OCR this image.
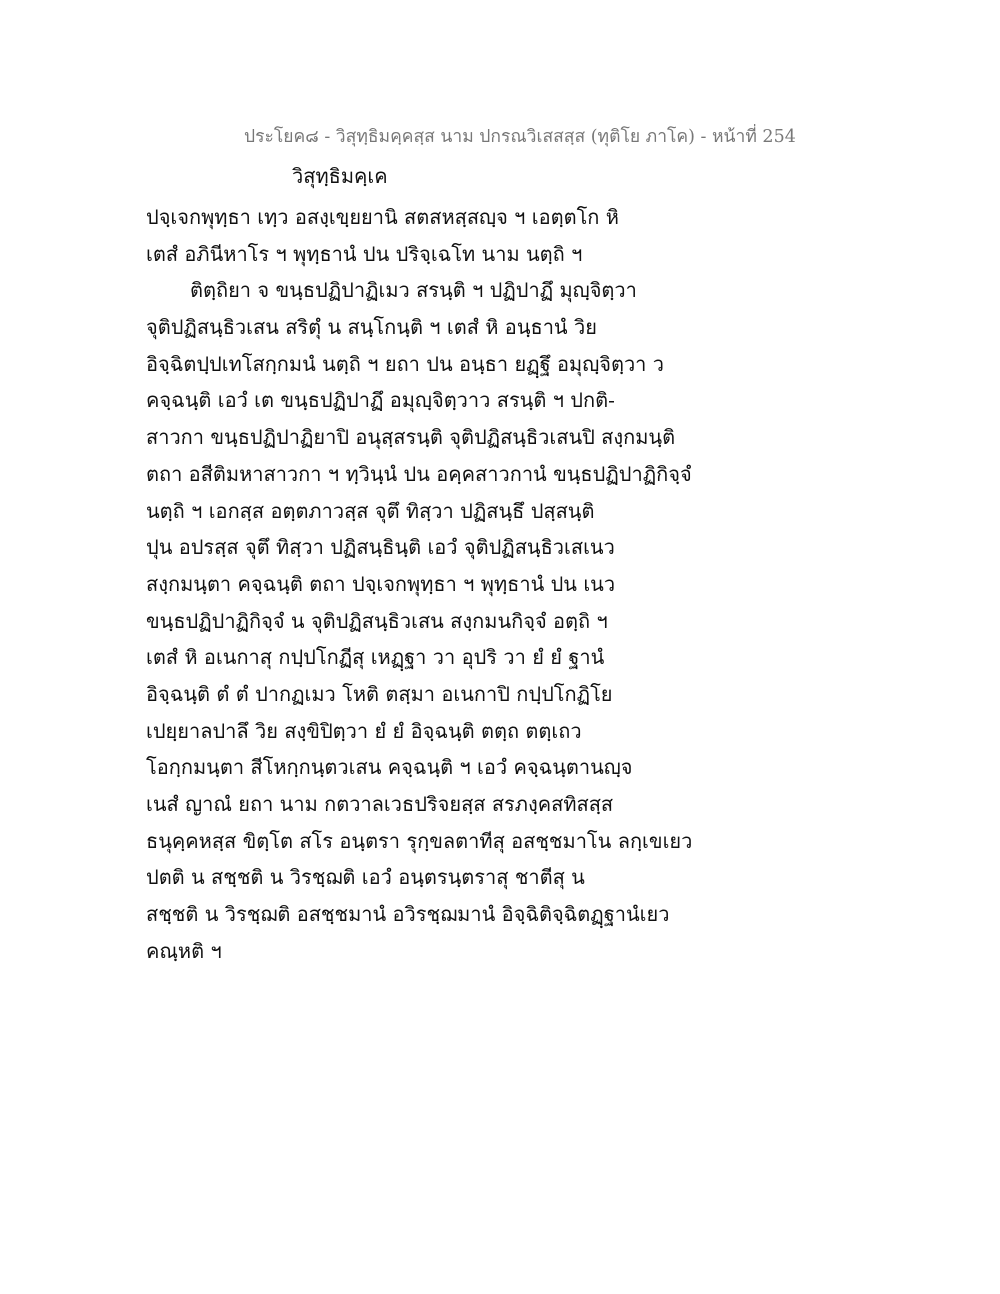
ประโยค๘ - วิสุทฺธิมคฺคสฺส นาม ปกรณวิเสสสฺส (ทุติโย ภาโค) - หน้าที่ 254
วิสุทฺธิมคฺเค
ปจฺเจกพุทฺธา เทฺว อสงฺเขฺยยานิ สตสหสฺสญฺจ ฯ เอตฺตโก หิ
เตสํ อภินีหาโร ฯ พุทฺธานํ ปน ปริจฺเฉโท นาม นตฺถิ ฯ
ติตฺถิยา จ ขนฺธปฏิปาฏิเมว สรนฺติ ฯ ปฏิปาฏึ มุญฺจิตฺวา
จุติปฏิสนฺธิวเสน สริตุํ น สนฺโกนฺติ ฯ เตสํ หิ อนฺธานํ วิย
อิจฺฉิตปฺปเทโสกฺกมนํ นตฺถิ ฯ ยถา ปน อนฺธา ยฏฺฐึ อมุญฺจิตฺวา ว
คจฺฉนฺติ เอวํ เต ขนฺธปฏิปาฏึ อมุญฺจิตฺวาว สรนฺติ ฯ ปกติ-
สาวกา ขนฺธปฏิปาฏิยาปิ อนุสฺสรนฺติ จุติปฏิสนฺธิวเสนปิ สงฺกมนฺติ
ตถา อสีติมหาสาวกา ฯ ทฺวินฺนํ ปน อคฺคสาวกานํ ขนฺธปฏิปาฏิกิจฺจํ
นตฺถิ ฯ เอกสฺส อตฺตภาวสฺส จุตึ ทิสฺวา ปฏิสนฺธึ ปสฺสนฺติ
ปุน อปรสฺส จุตึ ทิสฺวา ปฏิสนฺธินฺติ เอวํ จุติปฏิสนฺธิวเสเนว
สงฺกมนฺตา คจฺฉนฺติ ตถา ปจฺเจกพุทฺธา ฯ พุทฺธานํ ปน เนว
ขนฺธปฏิปาฏิกิจฺจํ น จุติปฏิสนฺธิวเสน สงฺกมนกิจฺจํ อตฺถิ ฯ
เตสํ หิ อเนกาสุ กปฺปโกฏีสุ เหฏฺฐา วา อุปริ วา ยํ ยํ ฐานํ
อิจฺฉนฺติ ตํ ตํ ปากฏเมว โหติ ตสฺมา อเนกาปิ กปฺปโกฏิโย
เปยฺยาลปาลึ วิย สงฺขิปิตฺวา ยํ ยํ อิจฺฉนฺติ ตตฺถ ตตฺเถว
โอกฺกมนฺตา สีโหกฺกนฺตวเสน คจฺฉนฺติ ฯ เอวํ คจฺฉนฺตานญฺจ
เนสํ ญาณํ ยถา นาม กตวาลเวธปริจยสฺส สรภงฺคสทิสสฺส
ธนุคฺคหสฺส ขิตฺโต สโร อนฺตรา รุกฺขลตาทีสุ อสชฺชมาโน ลกฺเขเยว
ปตติ น สชฺชติ น วิรชฺฌติ เอวํ อนฺตรนฺตราสุ ชาตีสุ น
สชฺชติ น วิรชฺฌติ อสชฺชมานํ อวิรชฺฌมานํ อิจฺฉิติจฺฉิตฏฺฐานํเยว
คณฺหติ ฯ
